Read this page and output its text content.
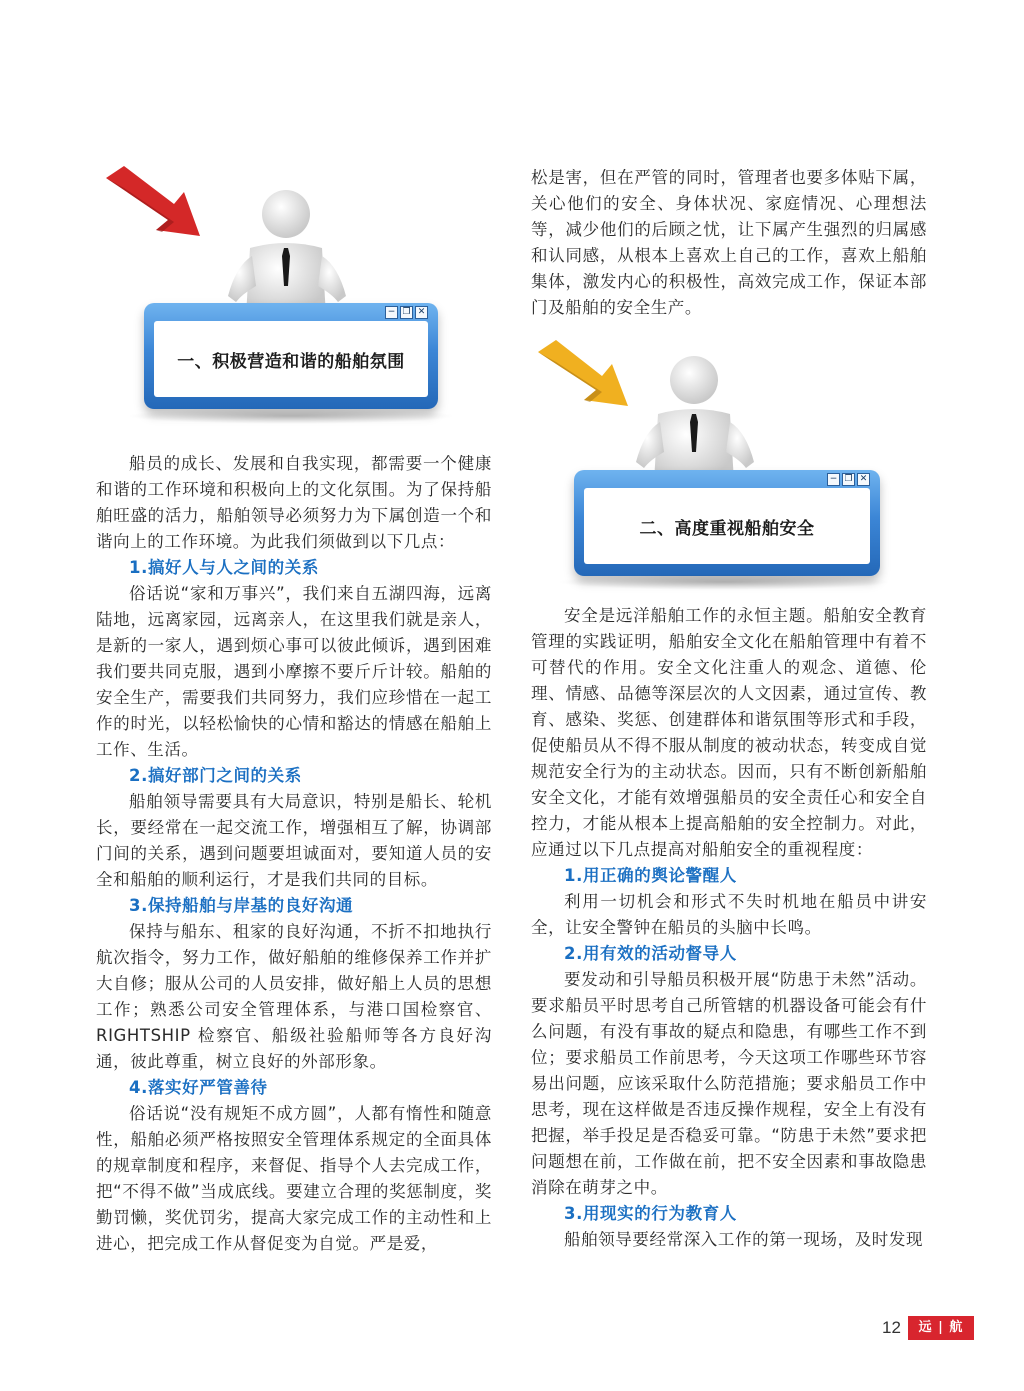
− ❐ ✕
一、积极营造和谐的船舶氛围
− ❐ ✕
二、高度重视船舶安全

船员的成长、发展和自我实现，都需要一个健康和谐的工作环境和积极向上的文化氛围。为了保持船舶旺盛的活力，船舶领导必须努力为下属创造一个和谐向上的工作环境。为此我们须做到以下几点：

1.搞好人与人之间的关系

俗话说“家和万事兴”，我们来自五湖四海，远离陆地，远离家园，远离亲人，在这里我们就是亲人，是新的一家人，遇到烦心事可以彼此倾诉，遇到困难我们要共同克服，遇到小摩擦不要斤斤计较。船舶的安全生产，需要我们共同努力，我们应珍惜在一起工作的时光，以轻松愉快的心情和豁达的情感在船舶上工作、生活。

2.搞好部门之间的关系

船舶领导需要具有大局意识，特别是船长、轮机长，要经常在一起交流工作，增强相互了解，协调部门间的关系，遇到问题要坦诚面对，要知道人员的安全和船舶的顺利运行，才是我们共同的目标。

3.保持船舶与岸基的良好沟通

保持与船东、租家的良好沟通，不折不扣地执行航次指令，努力工作，做好船舶的维修保养工作并扩大自修；服从公司的人员安排，做好船上人员的思想工作；熟悉公司安全管理体系，与港口国检察官、RIGHTSHIP 检察官、船级社验船师等各方良好沟通，彼此尊重，树立良好的外部形象。

4.落实好严管善待

俗话说“没有规矩不成方圆”，人都有惰性和随意性，船舶必须严格按照安全管理体系规定的全面具体的规章制度和程序，来督促、指导个人去完成工作，把“不得不做”当成底线。要建立合理的奖惩制度，奖勤罚懒，奖优罚劣，提高大家完成工作的主动性和上进心，把完成工作从督促变为自觉。严是爱，

松是害，但在严管的同时，管理者也要多体贴下属，关心他们的安全、身体状况、家庭情况、心理想法等，减少他们的后顾之忧，让下属产生强烈的归属感和认同感，从根本上喜欢上自己的工作，喜欢上船舶集体，激发内心的积极性，高效完成工作，保证本部门及船舶的安全生产。

安全是远洋船舶工作的永恒主题。船舶安全教育管理的实践证明，船舶安全文化在船舶管理中有着不可替代的作用。安全文化注重人的观念、道德、伦理、情感、品德等深层次的人文因素，通过宣传、教育、感染、奖惩、创建群体和谐氛围等形式和手段，促使船员从不得不服从制度的被动状态，转变成自觉规范安全行为的主动状态。因而，只有不断创新船舶安全文化，才能有效增强船员的安全责任心和安全自控力，才能从根本上提高船舶的安全控制力。对此，应通过以下几点提高对船舶安全的重视程度：

1.用正确的舆论警醒人

利用一切机会和形式不失时机地在船员中讲安全，让安全警钟在船员的头脑中长鸣。

2.用有效的活动督导人

要发动和引导船员积极开展“防患于未然”活动。要求船员平时思考自己所管辖的机器设备可能会有什么问题，有没有事故的疑点和隐患，有哪些工作不到位；要求船员工作前思考，今天这项工作哪些环节容易出问题，应该采取什么防范措施；要求船员工作中思考，现在这样做是否违反操作规程，安全上有没有把握，举手投足是否稳妥可靠。“防患于未然”要求把问题想在前，工作做在前，把不安全因素和事故隐患消除在萌芽之中。

3.用现实的行为教育人

船舶领导要经常深入工作的第一现场，及时发现

12	远 | 航
